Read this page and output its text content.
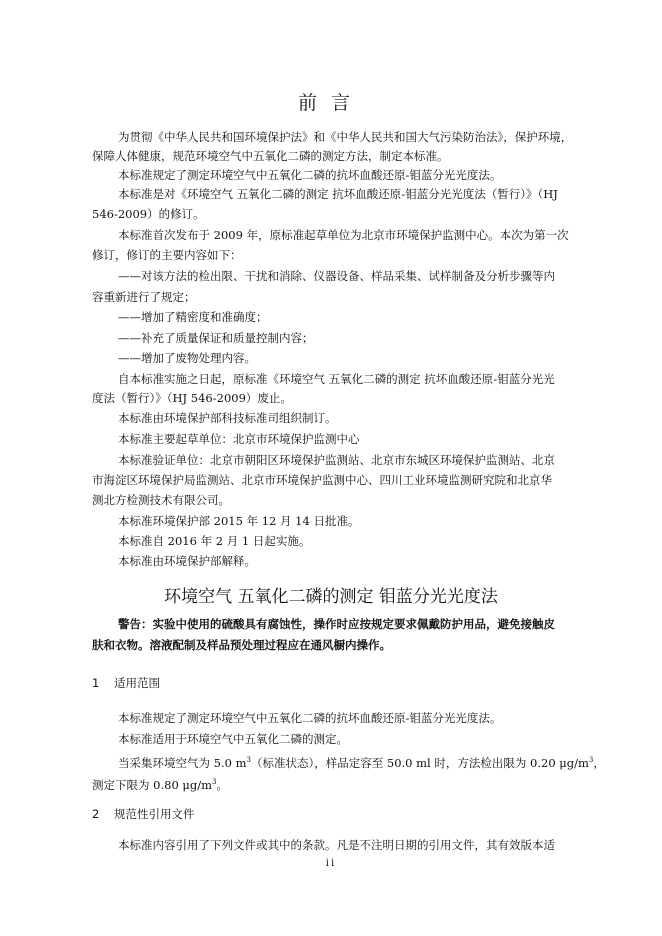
前言
为贯彻《中华人民共和国环境保护法》和《中华人民共和国大气污染防治法》，保护环境，
保障人体健康，规范环境空气中五氧化二磷的测定方法，制定本标准。
本标准规定了测定环境空气中五氧化二磷的抗坏血酸还原-钼蓝分光光度法。
本标准是对《环境空气 五氧化二磷的测定 抗坏血酸还原-钼蓝分光光度法（暂行）》（HJ
546-2009）的修订。
本标准首次发布于 2009 年，原标准起草单位为北京市环境保护监测中心。本次为第一次
修订，修订的主要内容如下：
——对该方法的检出限、干扰和消除、仪器设备、样品采集、试样制备及分析步骤等内
容重新进行了规定；
——增加了精密度和准确度；
——补充了质量保证和质量控制内容；
——增加了废物处理内容。
自本标准实施之日起，原标准《环境空气 五氧化二磷的测定 抗坏血酸还原-钼蓝分光光
度法（暂行）》（HJ 546-2009）废止。
本标准由环境保护部科技标准司组织制订。
本标准主要起草单位：北京市环境保护监测中心
本标准验证单位：北京市朝阳区环境保护监测站、北京市东城区环境保护监测站、北京
市海淀区环境保护局监测站、北京市环境保护监测中心、四川工业环境监测研究院和北京华
测北方检测技术有限公司。
本标准环境保护部 2015 年 12 月 14 日批准。
本标准自 2016 年 2 月 1 日起实施。
本标准由环境保护部解释。
环境空气 五氧化二磷的测定 钼蓝分光光度法
警告：实验中使用的硫酸具有腐蚀性，操作时应按规定要求佩戴防护用品，避免接触皮
肤和衣物。溶液配制及样品预处理过程应在通风橱内操作。
1 适用范围
本标准规定了测定环境空气中五氧化二磷的抗坏血酸还原-钼蓝分光光度法。
本标准适用于环境空气中五氧化二磷的测定。
当采集环境空气为 5.0 $m^3$（标准状态），样品定容至 50.0 ml 时，方法检出限为 0.20 $\mu g/m^3$，
测定下限为 0.80 $\mu g/m^3$。
2 规范性引用文件
本标准内容引用了下列文件或其中的条款。凡是不注明日期的引用文件，其有效版本适
ii
